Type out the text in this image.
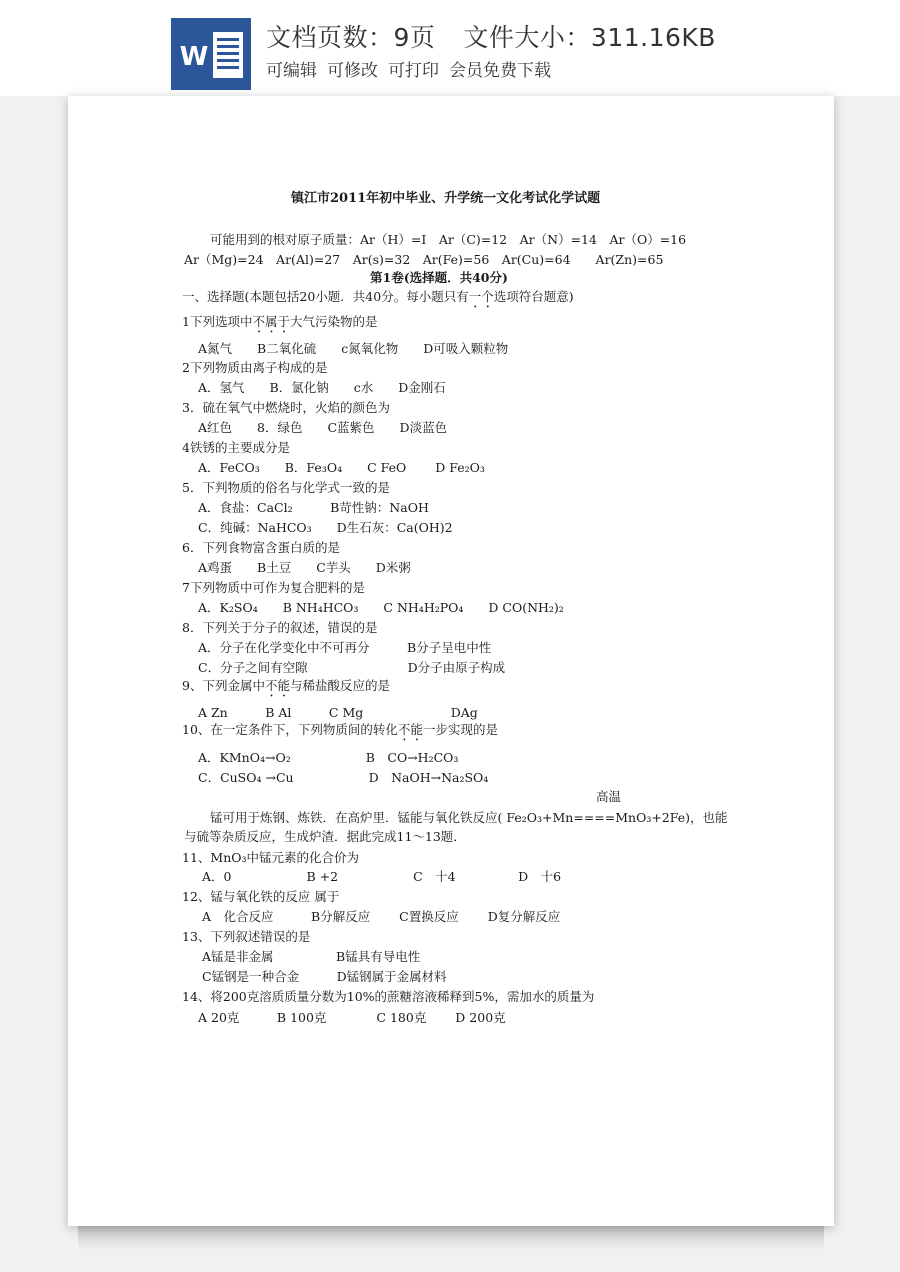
W
文档页数：9页 文件大小：311.16KB
可编辑 可修改 可打印 会员免费下载
镇江市2011年初中毕业、升学统一文化考试化学试题
可能用到的根对原子质量：Ar（H）=I　Ar（C)=12　Ar（N）=14　Ar（O）=16
Ar（Mg)=24　Ar(Al)=27　Ar(s)=32　Ar(Fe)=56　Ar(Cu)=64　　Ar(Zn)=65
第1卷(选择题．共40分)
一、选择题(本题包括20小题．共40分。每小题只有一个选项符台题意)
1下列选项中不属于大气污染物的是
A氮气　　B二氧化硫　　c氮氧化物　　D可吸入颗粒物
2下列物质由离子构成的是
A．氢气　　B．氯化钠　　c水　　D金刚石
3．硫在氧气中燃烧时，火焰的颜色为
A红色　　8．绿色　　C蓝紫色　　D淡蓝色
4铁锈的主要成分是
A．FeCO₃　　B．Fe₃O₄　　C FeO　　 D Fe₂O₃
5．下判物质的俗名与化学式一致的是
A．食盐：CaCl₂　　　B苛性钠：NaOH
C．纯碱：NaHCO₃　　D生石灰：Ca(OH)2
6．下列食物富含蛋白质的是
A鸡蛋　　B土豆　　C芋头　　D米粥
7下列物质中可作为复合肥料的是
A．K₂SO₄　　B NH₄HCO₃　　C NH₄H₂PO₄　　D CO(NH₂)₂
8．下列关于分子的叙述，错误的是
A．分子在化学变化中不可再分　　　B分子呈电中性
C．分子之间有空隙　　　　　　　　D分子由原子构成
9、下列金属中不能与稀盐酸反应的是
A Zn　　　B Al　　　C Mg　　　　　　　DAg
10、在一定条件下，下列物质间的转化不能一步实现的是
A．KMnO₄→O₂　　　　　　B　CO→H₂CO₃
C．CuSO₄ →Cu　　　　　　D　NaOH→Na₂SO₄
高温
锰可用于炼钢、炼铁．在高炉里．锰能与氧化铁反应( Fe₂O₃+Mn====MnO₃+2Fe)，也能
与硫等杂质反应，生成炉渣．据此完成11～13题．
11、MnO₃中锰元素的化合价为
A．0　　　　　　B +2　　　　　　C　十4　　　　　D　十6
12、锰与氧化铁的反应 属于
A　化合反应　　　B分解反应　　 C置换反应　　 D复分解反应
13、下列叙述错误的是
A锰是非金属　　　　　B锰具有导电性
C锰钢是一种合金　　　D锰钢属于金属材料
14、将200克溶质质量分数为10%的蔗糖溶液稀释到5%，需加水的质量为
A 20克　　　B 100克　　　　C 180克　　 D 200克
